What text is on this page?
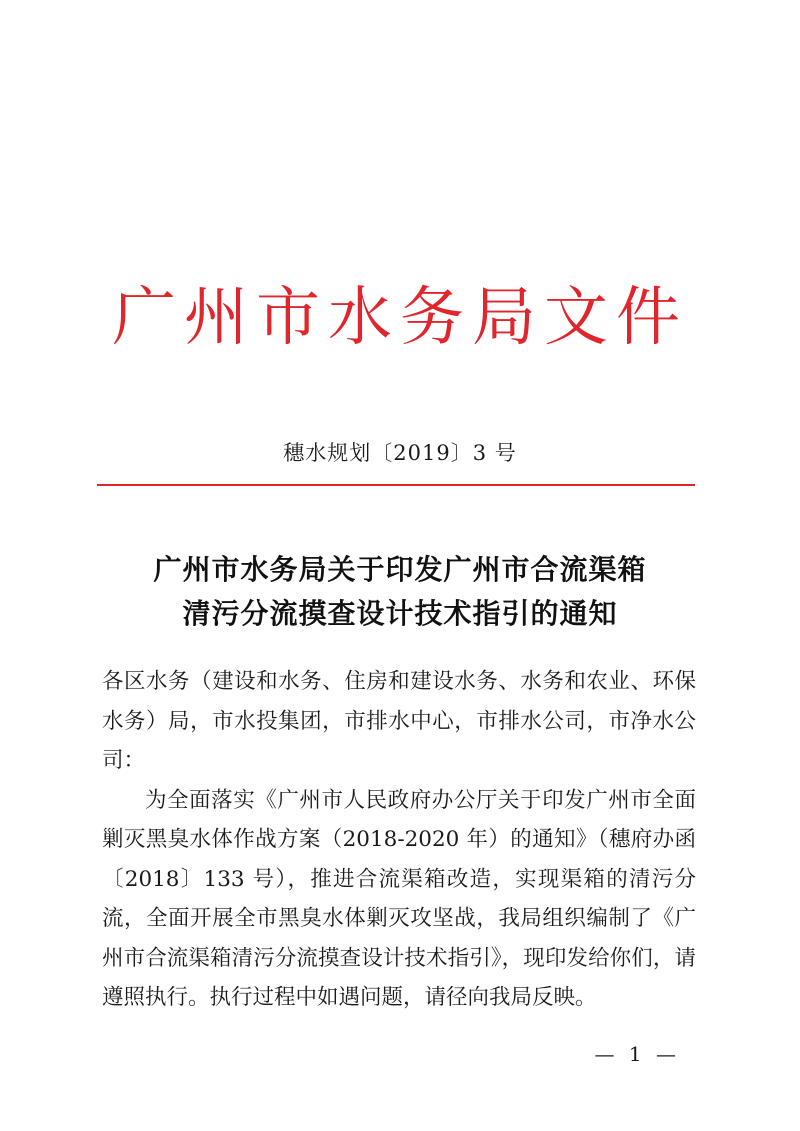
广州市水务局文件
穗水规划〔2019〕3 号
广州市水务局关于印发广州市合流渠箱
清污分流摸查设计技术指引的通知

各区水务（建设和水务、住房和建设水务、水务和农业、环保水务）局，市水投集团，市排水中心，市排水公司，市净水公司：

为全面落实《广州市人民政府办公厅关于印发广州市全面剿灭黑臭水体作战方案（2018-2020 年）的通知》（穗府办函〔2018〕133 号），推进合流渠箱改造，实现渠箱的清污分流，全面开展全市黑臭水体剿灭攻坚战，我局组织编制了《广州市合流渠箱清污分流摸查设计技术指引》，现印发给你们，请遵照执行。执行过程中如遇问题，请径向我局反映。

— 1 —
